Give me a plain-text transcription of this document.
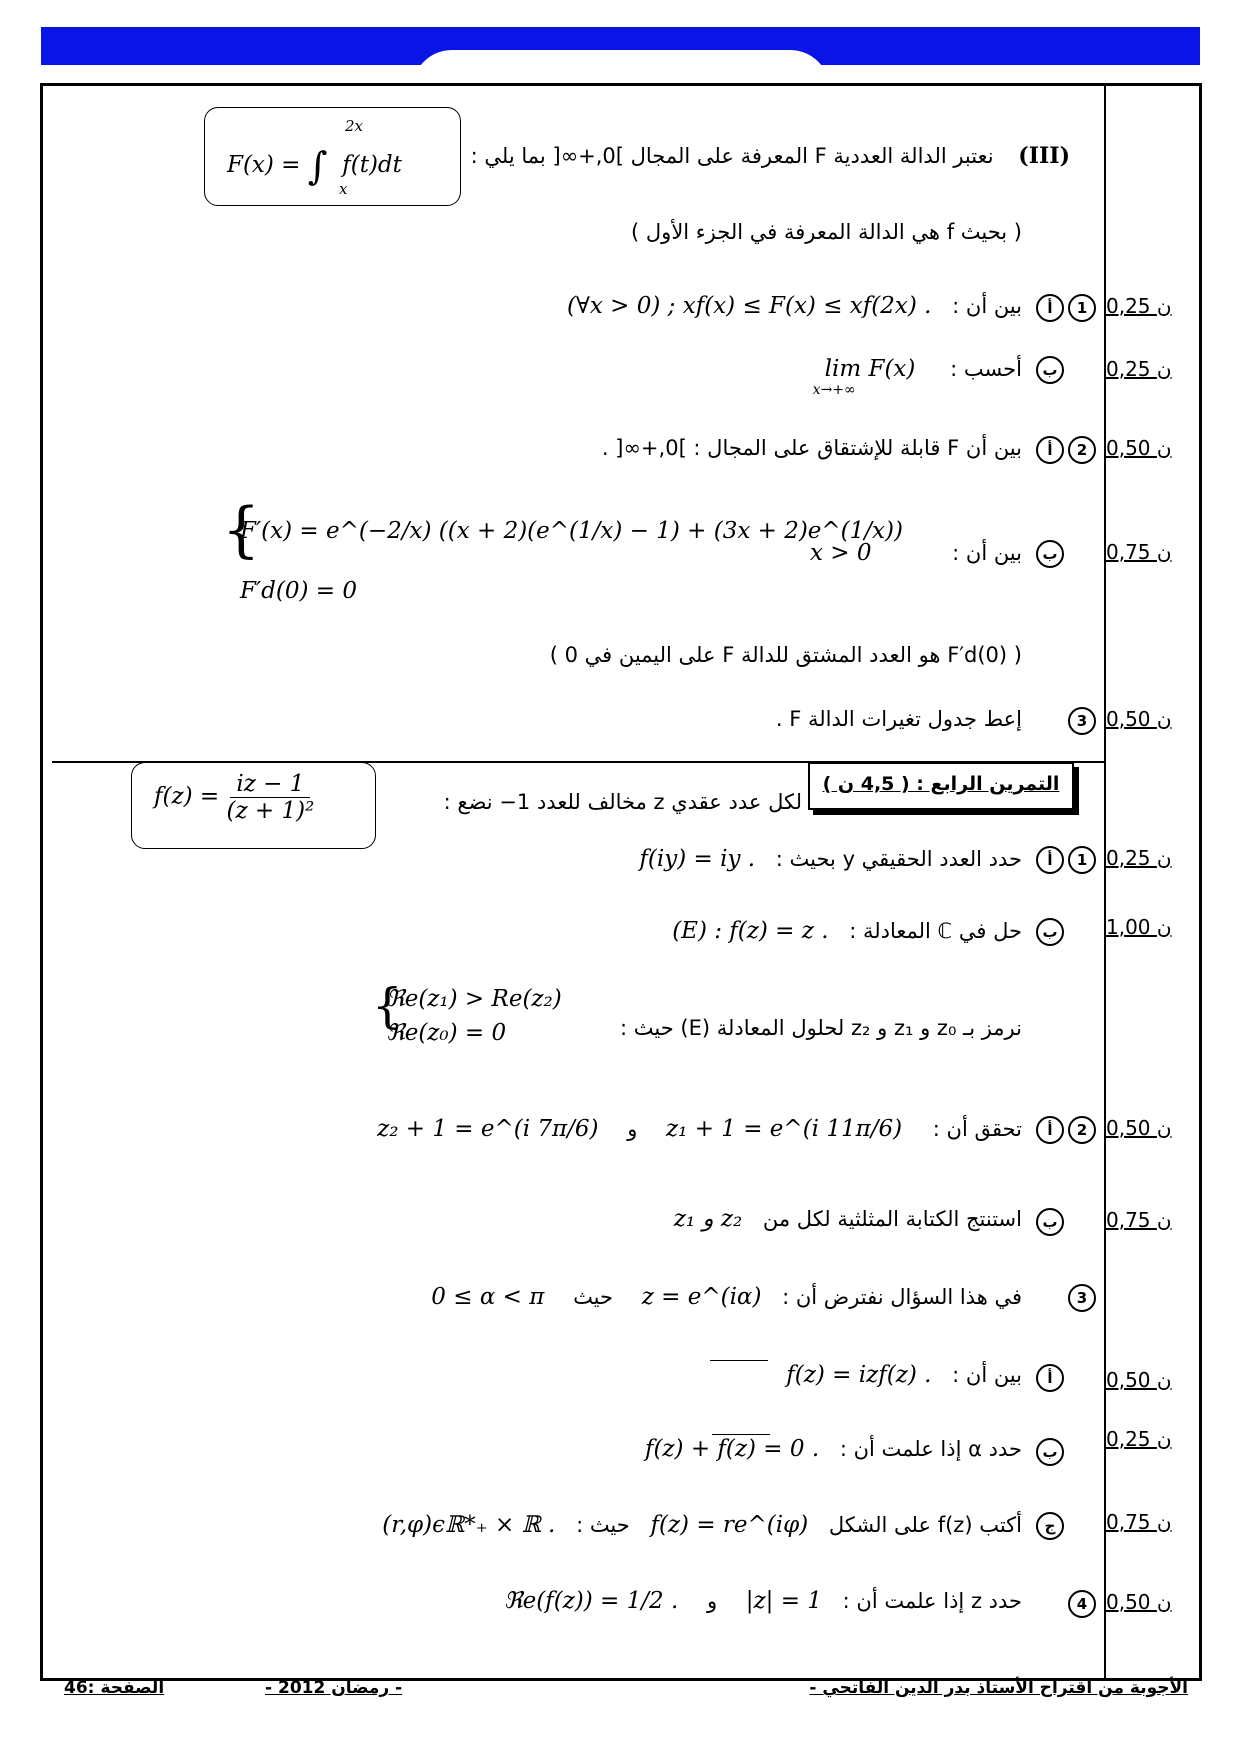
F(x) = ∫
2x
x
f(t)dt	(III) نعتبر الدالة العددية F المعرفة على المجال ]0,+∞[ بما يلي :
( بحيث f هي الدالة المعرفة في الجزء الأول )
1
أ
بين أن : (∀x > 0) ; xf(x) ≤ F(x) ≤ xf(2x) .	0,25 ن
ب
أحسب : lim F(x)
x→+∞
0,25 ن
2
أ
بين أن F قابلة للإشتقاق على المجال : ]0,+∞[ .	0,50 ن
{
F′(x) = e^(−2/x) ((x + 2)(e^(1/x) − 1) + (3x + 2)e^(1/x))
F′d(0) = 0
ب
بين أن : x > 0	0,75 ن
( F′d(0) هو العدد المشتق للدالة F على اليمين في 0 )
3
إعط جدول تغيرات الدالة F .	0,50 ن
التمرين الرابع : ( 4,5 ن )
$f(z) = \frac{iz - 1}{\text{(z + 1)²}}$	لكل عدد عقدي z مخالف للعدد 1− نضع :
1
أ
حدد العدد الحقيقي y بحيث : f(iy) = iy .	0,25 ن
ب
حل في ℂ المعادلة : (E) : f(z) = z .	1,00 ن
{
ℜe(z₁) > Re(z₂)
ℜe(z₀) = 0	نرمز بـ z₀ و z₁ و z₂ لحلول المعادلة (E) حيث :
2
أ
تحقق أن : z₁ + 1 = e^(i 11π/6) و z₂ + 1 = e^(i 7π/6)	0,50 ن
ب
استنتج الكتابة المثلثية لكل من z₁ و z₂	0,75 ن
3
في هذا السؤال نفترض أن : z = e^(iα) حيث 0 ≤ α < π
أ
بين أن :
f(z) = izf(z) .	0,50 ن
ب
حدد α إذا علمت أن :
f(z) + f(z) = 0 .	0,25 ن
ج
أكتب f(z) على الشكل f(z) = re^(iφ) حيث : (r,φ)ϵℝ*₊ × ℝ .	0,75 ن
4
حدد z إذا علمت أن : |z| = 1 و ℜe(f(z)) = 1/2 .	0,50 ن
الأجوبة من اقتراح الأستاذ بدر الدين الفاتحي -
- رمضان 2012 -
الصفحة :46
